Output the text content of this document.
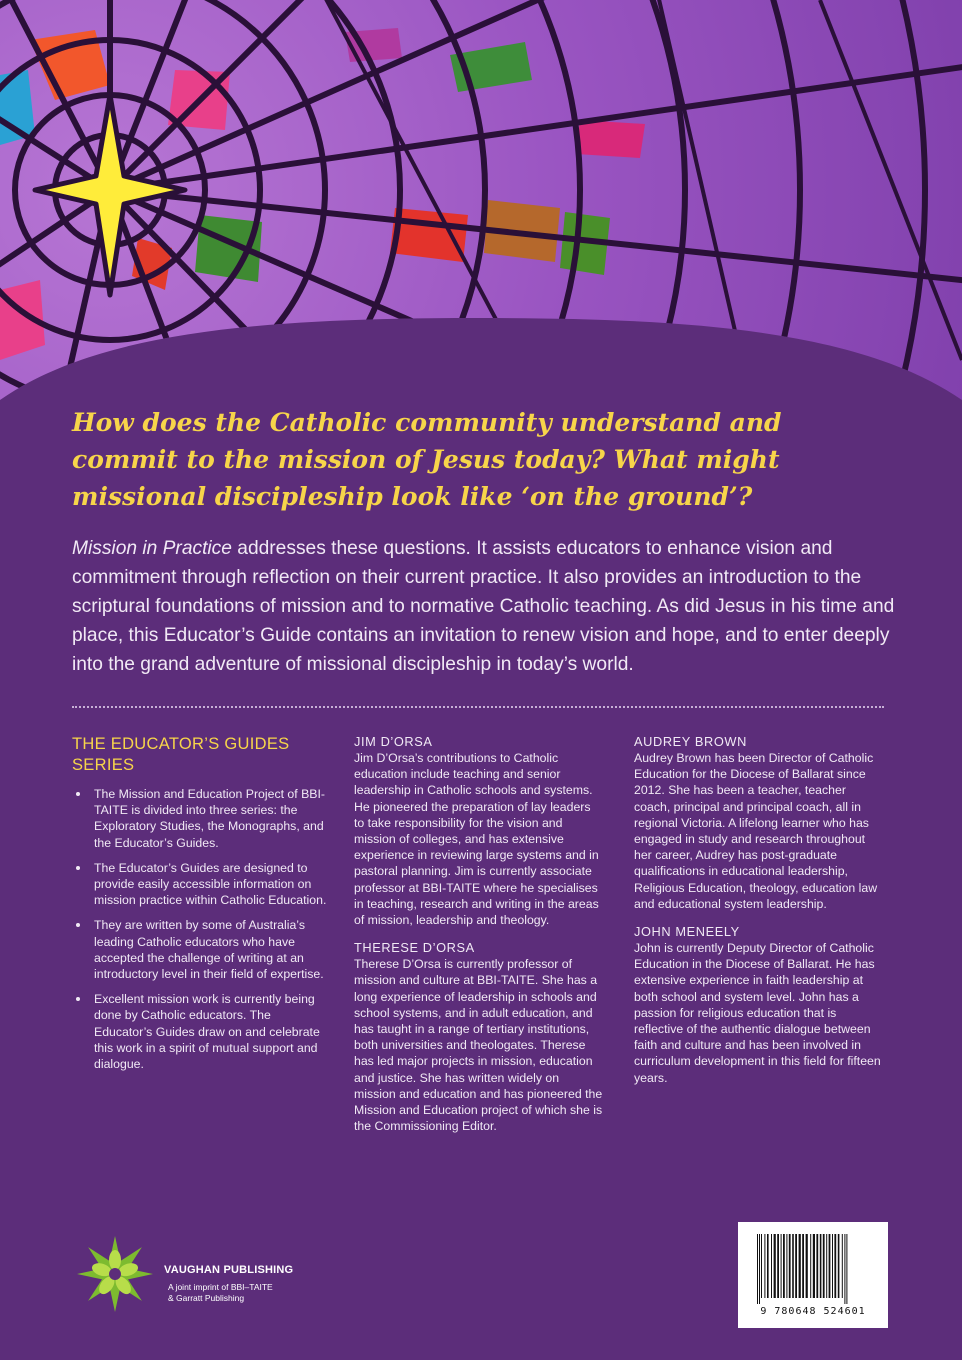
How does the Catholic community understand and commit to the mission of Jesus today? What might missional discipleship look like ‘on the ground’?

Mission in Practice addresses these questions. It assists educators to enhance vision and commitment through reflection on their current practice. It also provides an introduction to the scriptural foundations of mission and to normative Catholic teaching. As did Jesus in his time and place, this Educator’s Guide contains an invitation to renew vision and hope, and to enter deeply into the grand adventure of missional discipleship in today’s world.

THE EDUCATOR’S GUIDES SERIES
The Mission and Education Project of BBI-TAITE is divided into three series: the Exploratory Studies, the Monographs, and the Educator’s Guides.
The Educator’s Guides are designed to provide easily accessible information on mission practice within Catholic Education.
They are written by some of Australia’s leading Catholic educators who have accepted the challenge of writing at an introductory level in their field of expertise.
Excellent mission work is currently being done by Catholic educators. The Educator’s Guides draw on and celebrate this work in a spirit of mutual support and dialogue.
JIM D’ORSA

Jim D’Orsa’s contributions to Catholic education include teaching and senior leadership in Catholic schools and systems. He pioneered the preparation of lay leaders to take responsibility for the vision and mission of colleges, and has extensive experience in reviewing large systems and in pastoral planning. Jim is currently associate professor at BBI-TAITE where he specialises in teaching, research and writing in the areas of mission, leadership and theology.

THERESE D’ORSA

Therese D’Orsa is currently professor of mission and culture at BBI-TAITE. She has a long experience of leadership in schools and school systems, and in adult education, and has taught in a range of tertiary institutions, both universities and theologates. Therese has led major projects in mission, education and justice. She has written widely on mission and education and has pioneered the Mission and Education project of which she is the Commissioning Editor.

AUDREY BROWN

Audrey Brown has been Director of Catholic Education for the Diocese of Ballarat since 2012. She has been a teacher, teacher coach, principal and principal coach, all in regional Victoria. A lifelong learner who has engaged in study and research throughout her career, Audrey has post-graduate qualifications in educational leadership, Religious Education, theology, education law and educational system leadership.

JOHN MENEELY

John is currently Deputy Director of Catholic Education in the Diocese of Ballarat. He has extensive experience in faith leadership at both school and system level. John has a passion for religious education that is reflective of the authentic dialogue between faith and culture and has been involved in curriculum development in this field for fifteen years.

VAUGHAN PUBLISHING
A joint imprint of BBI–TAITE
& Garratt Publishing
9 780648 524601
